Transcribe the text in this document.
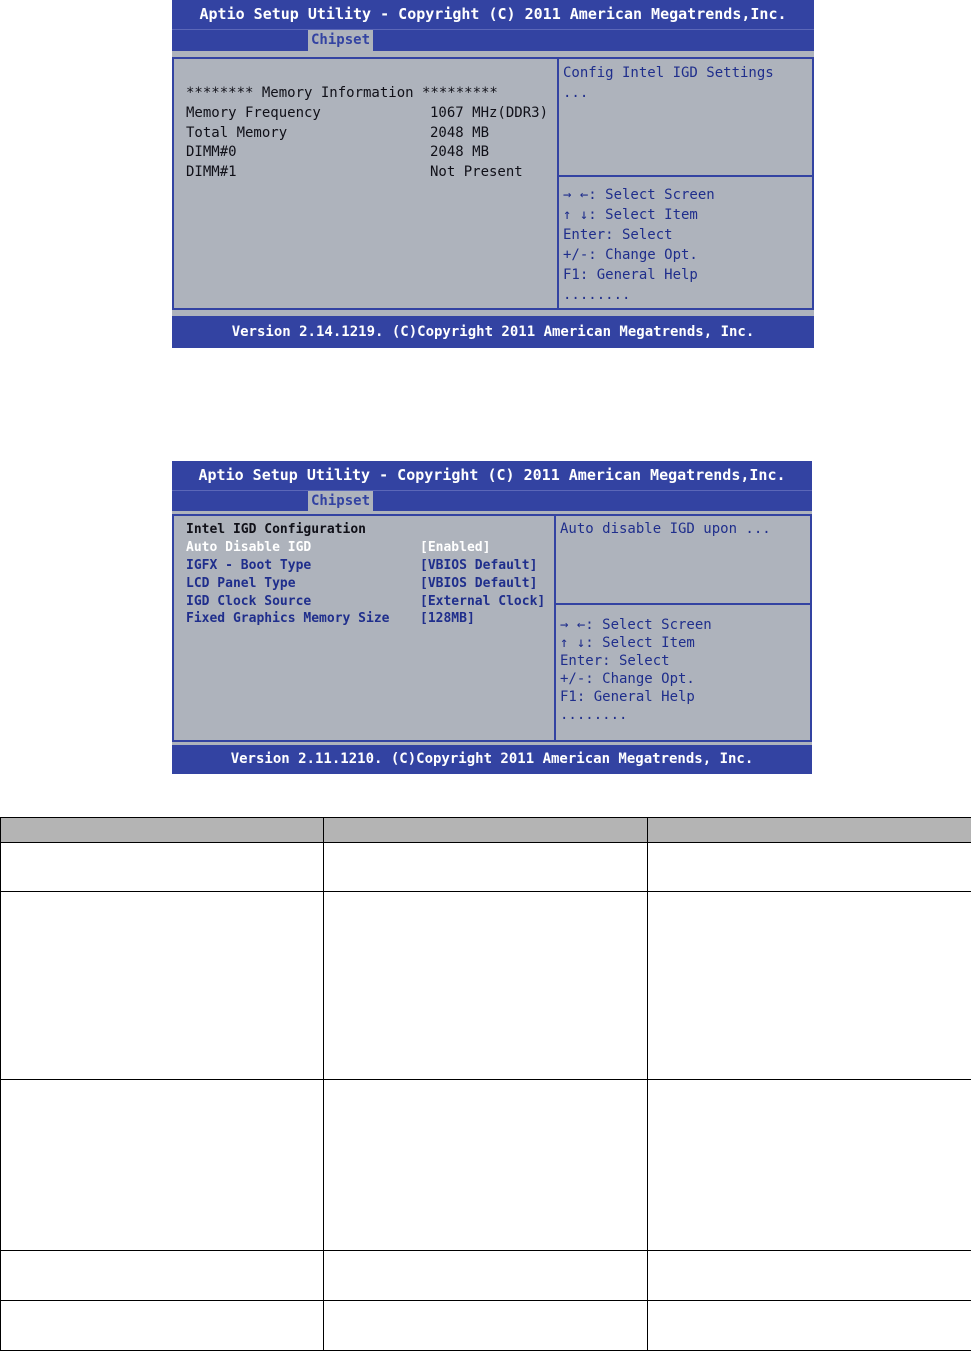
Aptio Setup Utility - Copyright (C) 2011 American Megatrends,Inc.
Chipset
******** Memory Information *********
Memory Frequency	1067 MHz(DDR3)
Total Memory	2048 MB
DIMM#0	2048 MB
DIMM#1	Not Present
Config Intel IGD Settings
...
→ ←: Select Screen
↑ ↓: Select Item
Enter: Select
+/-: Change Opt.
F1: General Help
........
Version 2.14.1219. (C)Copyright 2011 American Megatrends, Inc.
Aptio Setup Utility - Copyright (C) 2011 American Megatrends,Inc.
Chipset
Intel IGD Configuration
Auto Disable IGD	[Enabled]
IGFX - Boot Type	[VBIOS Default]
LCD Panel Type	[VBIOS Default]
IGD Clock Source	[External Clock]
Fixed Graphics Memory Size [128MB]
Auto disable IGD upon ...
→ ←: Select Screen
↑ ↓: Select Item
Enter: Select
+/-: Change Opt.
F1: General Help
........
Version 2.11.1210. (C)Copyright 2011 American Megatrends, Inc.
